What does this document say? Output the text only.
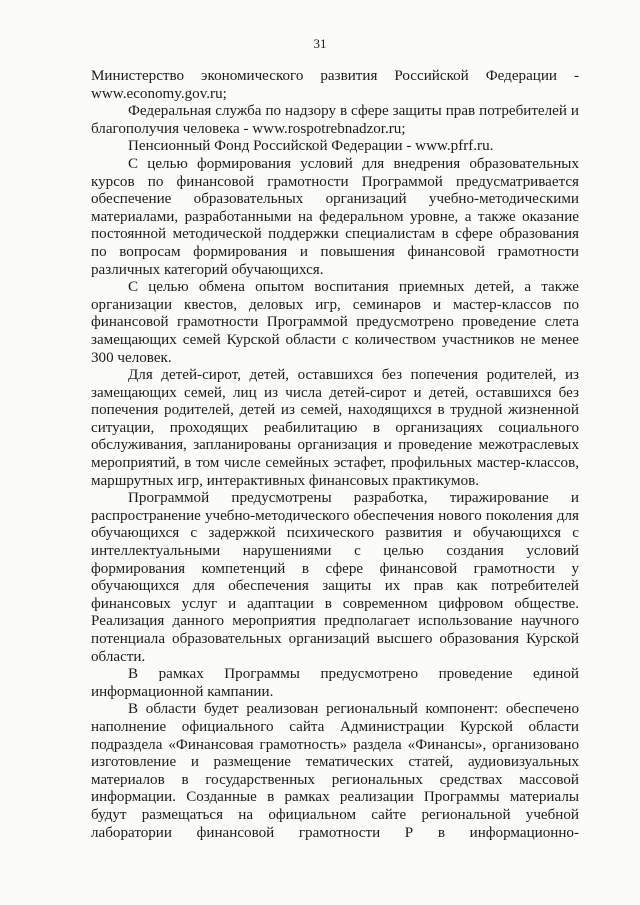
31

Министерство экономического развития Российской Федерации - www.economy.gov.ru;

Федеральная служба по надзору в сфере защиты прав потребителей и благополучия человека - www.rospotrebnadzor.ru;

Пенсионный Фонд Российской Федерации - www.pfrf.ru.

С целью формирования условий для внедрения образовательных курсов по финансовой грамотности Программой предусматривается обеспечение образовательных организаций учебно-методическими материалами, разработанными на федеральном уровне, а также оказание постоянной методической поддержки специалистам в сфере образования по вопросам формирования и повышения финансовой грамотности различных категорий обучающихся.

С целью обмена опытом воспитания приемных детей, а также организации квестов, деловых игр, семинаров и мастер-классов по финансовой грамотности Программой предусмотрено проведение слета замещающих семей Курской области с количеством участников не менее 300 человек.

Для детей-сирот, детей, оставшихся без попечения родителей, из замещающих семей, лиц из числа детей-сирот и детей, оставшихся без попечения родителей, детей из семей, находящихся в трудной жизненной ситуации, проходящих реабилитацию в организациях социального обслуживания, запланированы организация и проведение межотраслевых мероприятий, в том числе семейных эстафет, профильных мастер-классов, маршрутных игр, интерактивных финансовых практикумов.

Программой предусмотрены разработка, тиражирование и распространение учебно-методического обеспечения нового поколения для обучающихся с задержкой психического развития и обучающихся с интеллектуальными нарушениями с целью создания условий формирования компетенций в сфере финансовой грамотности у обучающихся для обеспечения защиты их прав как потребителей финансовых услуг и адаптации в современном цифровом обществе. Реализация данного мероприятия предполагает использование научного потенциала образовательных организаций высшего образования Курской области.

В рамках Программы предусмотрено проведение единой информационной кампании.

В области будет реализован региональный компонент: обеспечено наполнение официального сайта Администрации Курской области подраздела «Финансовая грамотность» раздела «Финансы», организовано изготовление и размещение тематических статей, аудиовизуальных материалов в государственных региональных средствах массовой информации. Созданные в рамках реализации Программы материалы будут размещаться на официальном сайте региональной учебной лаборатории финансовой грамотности Р в информационно-
